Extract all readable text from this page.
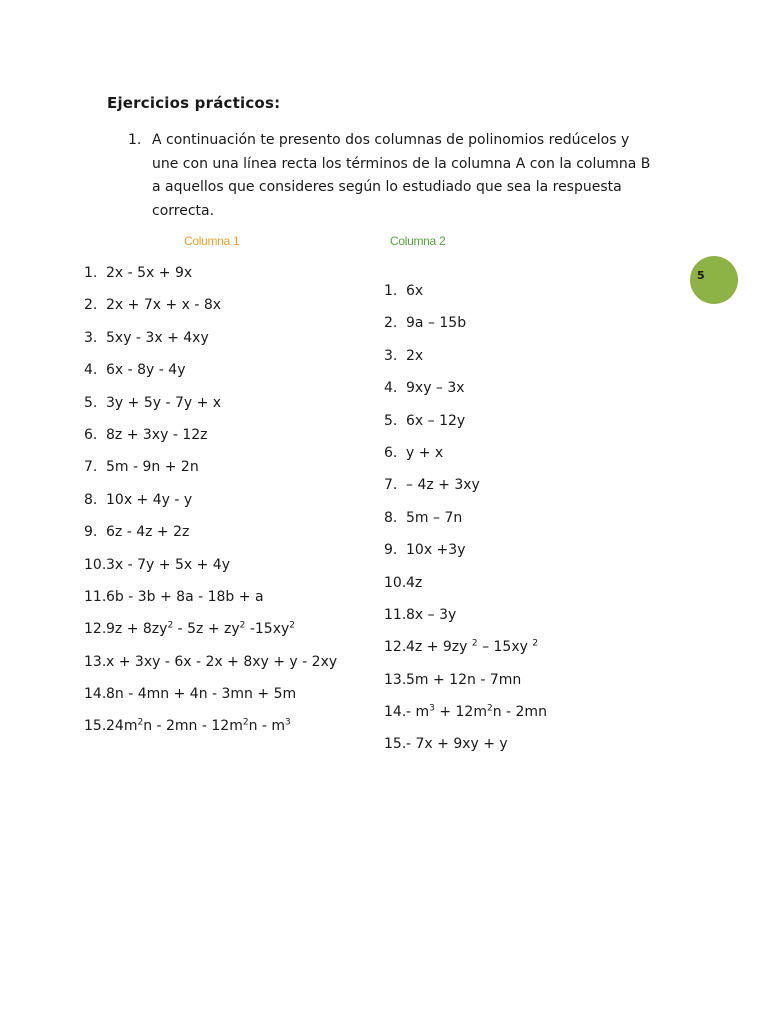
Ejercicios prácticos:
1. A continuación te presento dos columnas de polinomios redúcelos y une con una línea recta los términos de la columna A con la columna B a aquellos que consideres según lo estudiado que sea la respuesta correcta.
Columna 1	Columna 2
1. 2x - 5x + 9x
2. 2x + 7x + x - 8x
3. 5xy - 3x + 4xy
4. 6x - 8y - 4y
5. 3y + 5y - 7y + x
6. 8z + 3xy - 12z
7. 5m - 9n + 2n
8. 10x + 4y - y
9. 6z - 4z + 2z
10. 3x - 7y + 5x + 4y
11. 6b - 3b + 8a - 18b + a
12. $9z + 8zy^2 - 5z + zy^2$ $-15xy^2$
13. x + 3xy - 6x - 2x + 8xy + y - 2xy
14. 8n - 4mn + 4n - 3mn + 5m
15. $24m^2n - 2mn - 12m^2n - m^3$
1. 6x
2. 9a – 15b
3. 2x
4. 9xy – 3x
5. 6x – 12y
6. y + x
7. – 4z + 3xy
8. 5m – 7n
9. 10x +3y
10. 4z
11. 8x – 3y
12. 4z + 9zy $^2$ – 15xy $^2$
13. 5m + 12n - 7mn
14. - $m^3 + 12m^2n - 2mn$
15. - 7x + 9xy + y
5
